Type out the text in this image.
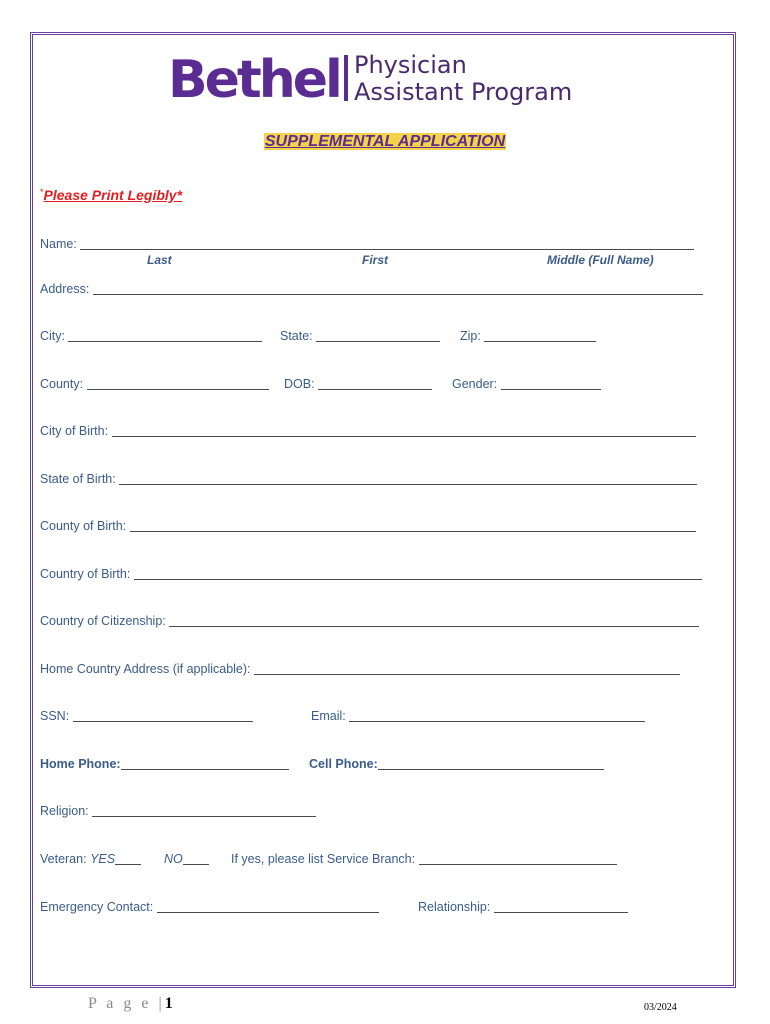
Bethel Physician
Assistant Program
SUPPLEMENTAL APPLICATION
*Please Print Legibly*
Name:
Last	First	Middle (Full Name)
Address:
City:	State:	Zip:
County:	DOB:	Gender:
City of Birth:
State of Birth:
County of Birth:
Country of Birth:
Country of Citizenship:
Home Country Address (if applicable):
SSN:	Email:
Home Phone:	Cell Phone:
Religion:
Veteran: YES	NO	If yes, please list Service Branch:
Emergency Contact:	Relationship:
P a g e |1	03/2024
